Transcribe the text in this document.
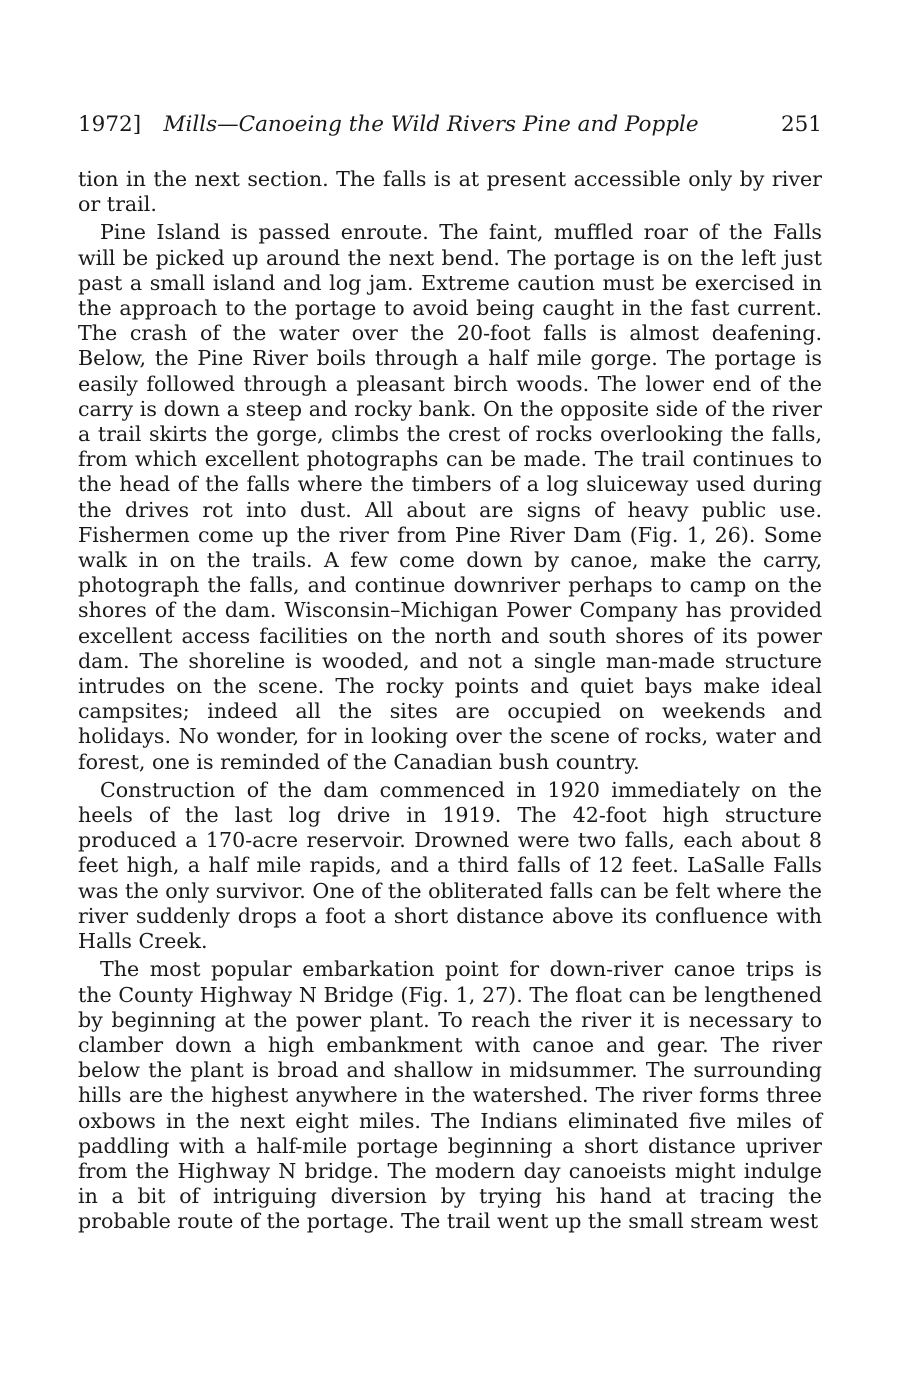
1972] Mills—Canoeing the Wild Rivers Pine and Popple	251

tion in the next section. The falls is at present accessible only by river or trail.

Pine Island is passed enroute. The faint, muffled roar of the Falls will be picked up around the next bend. The portage is on the left just past a small island and log jam. Extreme caution must be exercised in the approach to the portage to avoid being caught in the fast current. The crash of the water over the 20-foot falls is almost deafening. Below, the Pine River boils through a half mile gorge. The portage is easily followed through a pleasant birch woods. The lower end of the carry is down a steep and rocky bank. On the opposite side of the river a trail skirts the gorge, climbs the crest of rocks overlooking the falls, from which excellent photographs can be made. The trail continues to the head of the falls where the timbers of a log sluiceway used during the drives rot into dust. All about are signs of heavy public use. Fishermen come up the river from Pine River Dam (Fig. 1, 26). Some walk in on the trails. A few come down by canoe, make the carry, photograph the falls, and continue downriver perhaps to camp on the shores of the dam. Wisconsin–Michigan Power Company has provided excellent access facilities on the north and south shores of its power dam. The shoreline is wooded, and not a single man-made structure intrudes on the scene. The rocky points and quiet bays make ideal campsites; indeed all the sites are occupied on weekends and holidays. No wonder, for in looking over the scene of rocks, water and forest, one is reminded of the Canadian bush country.

Construction of the dam commenced in 1920 immediately on the heels of the last log drive in 1919. The 42-foot high structure produced a 170-acre reservoir. Drowned were two falls, each about 8 feet high, a half mile rapids, and a third falls of 12 feet. LaSalle Falls was the only survivor. One of the obliterated falls can be felt where the river suddenly drops a foot a short distance above its confluence with Halls Creek.

The most popular embarkation point for down-river canoe trips is the County Highway N Bridge (Fig. 1, 27). The float can be lengthened by beginning at the power plant. To reach the river it is necessary to clamber down a high embankment with canoe and gear. The river below the plant is broad and shallow in midsummer. The surrounding hills are the highest anywhere in the watershed. The river forms three oxbows in the next eight miles. The Indians eliminated five miles of paddling with a half-mile portage beginning a short distance upriver from the Highway N bridge. The modern day canoeists might indulge in a bit of intriguing diversion by trying his hand at tracing the probable route of the portage. The trail went up the small stream west
